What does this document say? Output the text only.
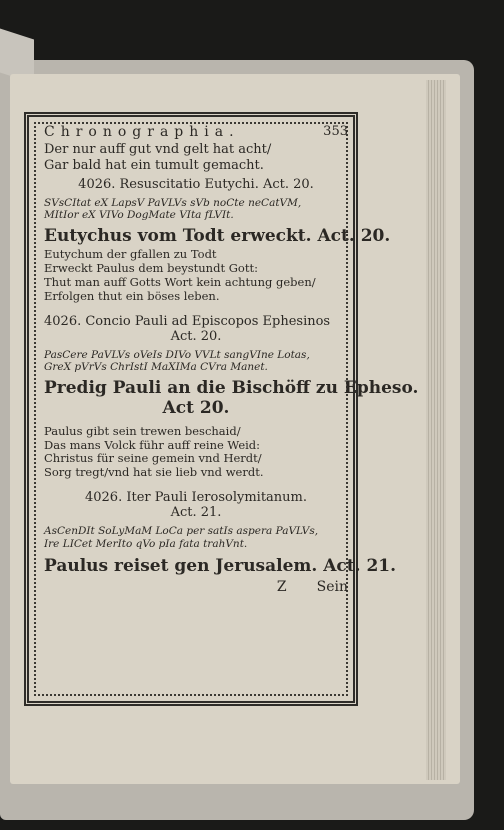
Chronographia.	353
Der nur auff gut vnd gelt hat acht/
Gar bald hat ein tumult gemacht.
4026. Resuscitatio Eutychi. Act. 20.
SVsCItat eX LapsV PaVLVs sVb noCte neCatVM,
MItIor eX VIVo DogMate VIta fLVIt.
Eutychus vom Todt erweckt. Act. 20.
Eutychum der gfallen zu Todt
Erweckt Paulus dem beystundt Gott:
Thut man auff Gotts Wort kein achtung geben/
Erfolgen thut ein böses leben.
4026. Concio Pauli ad Episcopos Ephesinos
Act. 20.
PasCere PaVLVs oVeIs DIVo VVLt sangVIne Lotas,
GreX pVrVs ChrIstI MaXIMa CVra Manet.
Predig Pauli an die Bischöff zu Epheso.
Act 20.
Paulus gibt sein trewen beschaid/
Das mans Volck führ auff reine Weid:
Christus für seine gemein vnd Herdt/
Sorg tregt/vnd hat sie lieb vnd werdt.
4026. Iter Pauli Ierosolymitanum.
Act. 21.
AsCenDIt SoLyMaM LoCa per satIs aspera PaVLVs,
Ire LICet MerIto qVo pIa fata trahVnt.
Paulus reiset gen Jerusalem. Act. 21.
Z Sein
